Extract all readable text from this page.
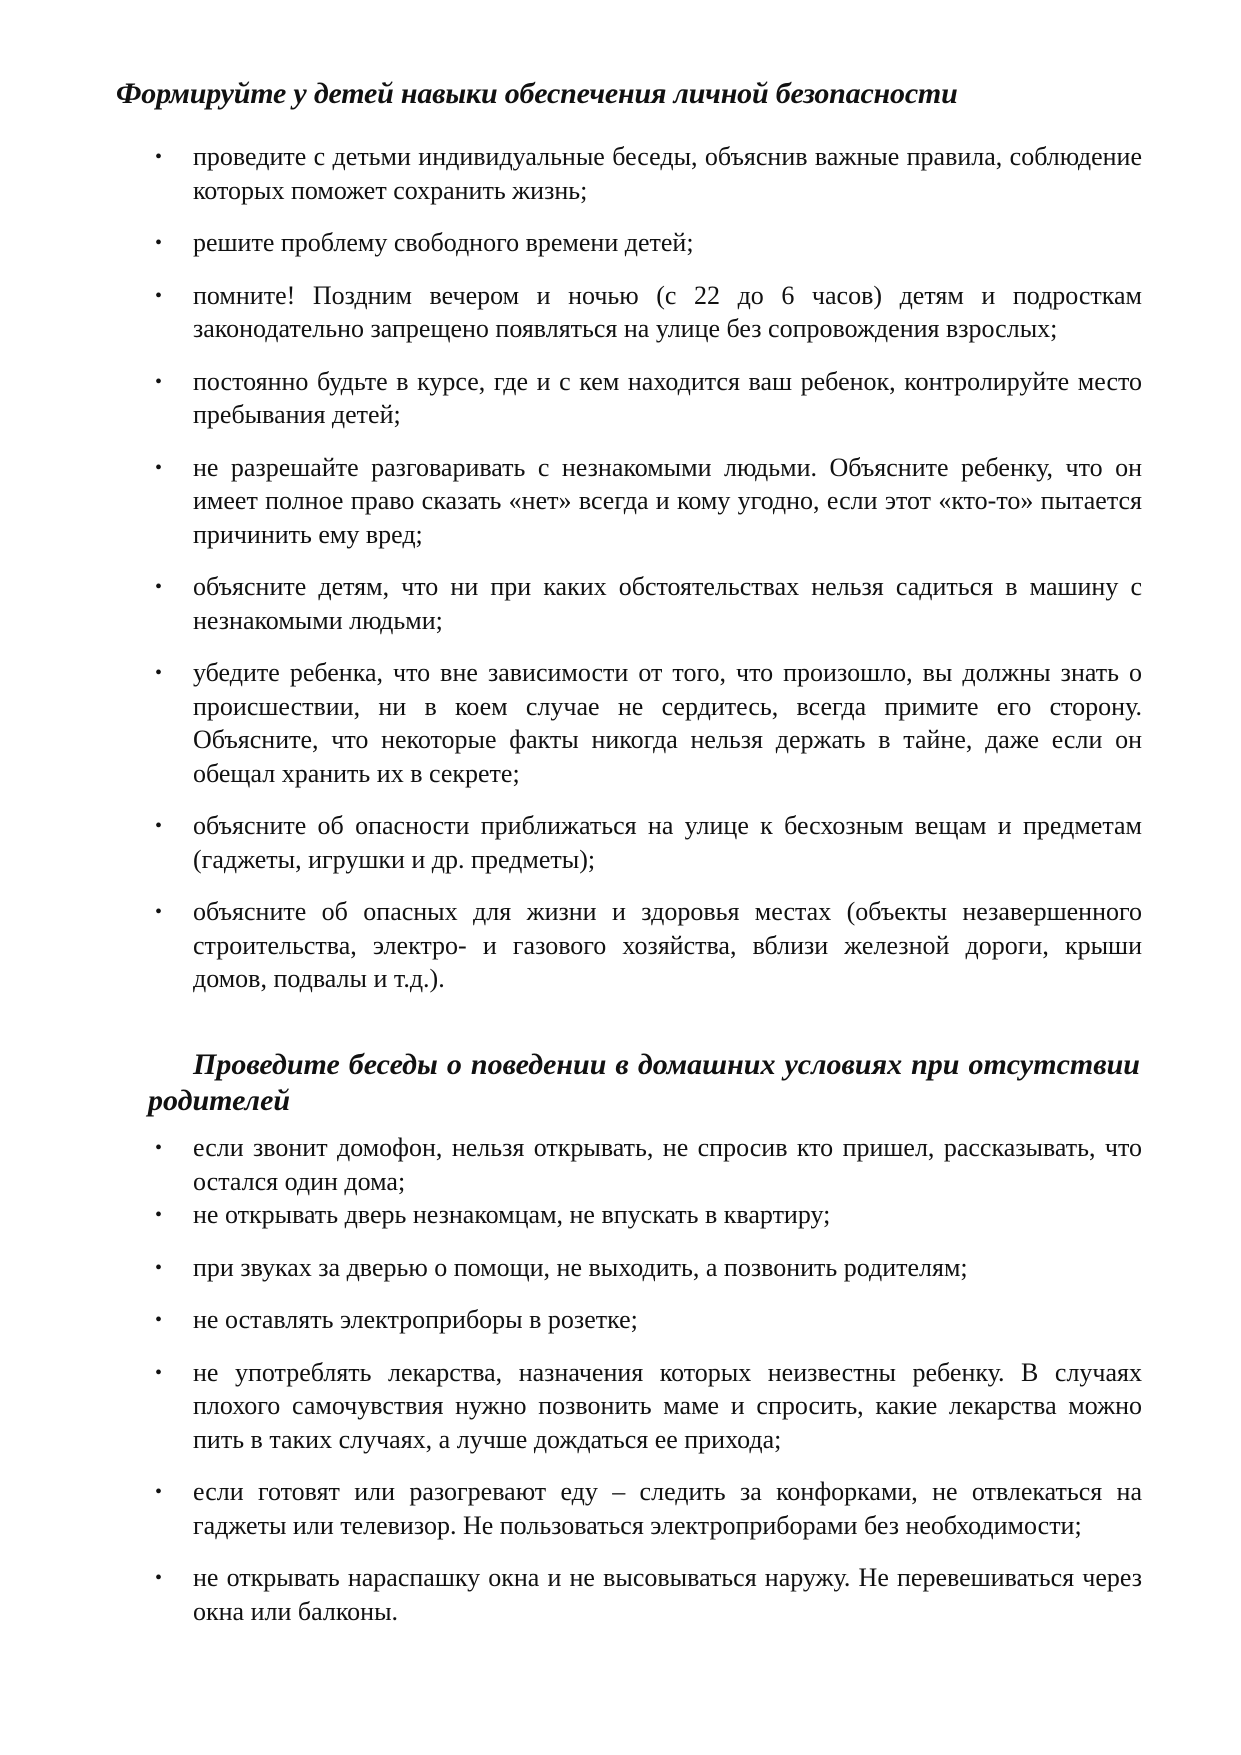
Формируйте у детей навыки обеспечения личной безопасности
• проведите с детьми индивидуальные беседы, объяснив важные правила, соблюдение которых поможет сохранить жизнь;
• решите проблему свободного времени детей;
• помните! Поздним вечером и ночью (с 22 до 6 часов) детям и подросткам законодательно запрещено появляться на улице без сопровождения взрослых;
• постоянно будьте в курсе, где и с кем находится ваш ребенок, контролируйте место пребывания детей;
• не разрешайте разговаривать с незнакомыми людьми. Объясните ребенку, что он имеет полное право сказать «нет» всегда и кому угодно, если этот «кто-то» пытается причинить ему вред;
• объясните детям, что ни при каких обстоятельствах нельзя садиться в машину с незнакомыми людьми;
• убедите ребенка, что вне зависимости от того, что произошло, вы должны знать о происшествии, ни в коем случае не сердитесь, всегда примите его сторону. Объясните, что некоторые факты никогда нельзя держать в тайне, даже если он обещал хранить их в секрете;
• объясните об опасности приближаться на улице к бесхозным вещам и предметам (гаджеты, игрушки и др. предметы);
• объясните об опасных для жизни и здоровья местах (объекты незавершенного строительства, электро- и газового хозяйства, вблизи железной дороги, крыши домов, подвалы и т.д.).
Проведите беседы о поведении в домашних условиях при отсутствии родителей
• если звонит домофон, нельзя открывать, не спросив кто пришел, рассказывать, что остался один дома;
• не открывать дверь незнакомцам, не впускать в квартиру;
• при звуках за дверью о помощи, не выходить, а позвонить родителям;
• не оставлять электроприборы в розетке;
• не употреблять лекарства, назначения которых неизвестны ребенку. В случаях плохого самочувствия нужно позвонить маме и спросить, какие лекарства можно пить в таких случаях, а лучше дождаться ее прихода;
• если готовят или разогревают еду – следить за конфорками, не отвлекаться на гаджеты или телевизор. Не пользоваться электроприборами без необходимости;
• не открывать нараспашку окна и не высовываться наружу. Не перевешиваться через окна или балконы.
